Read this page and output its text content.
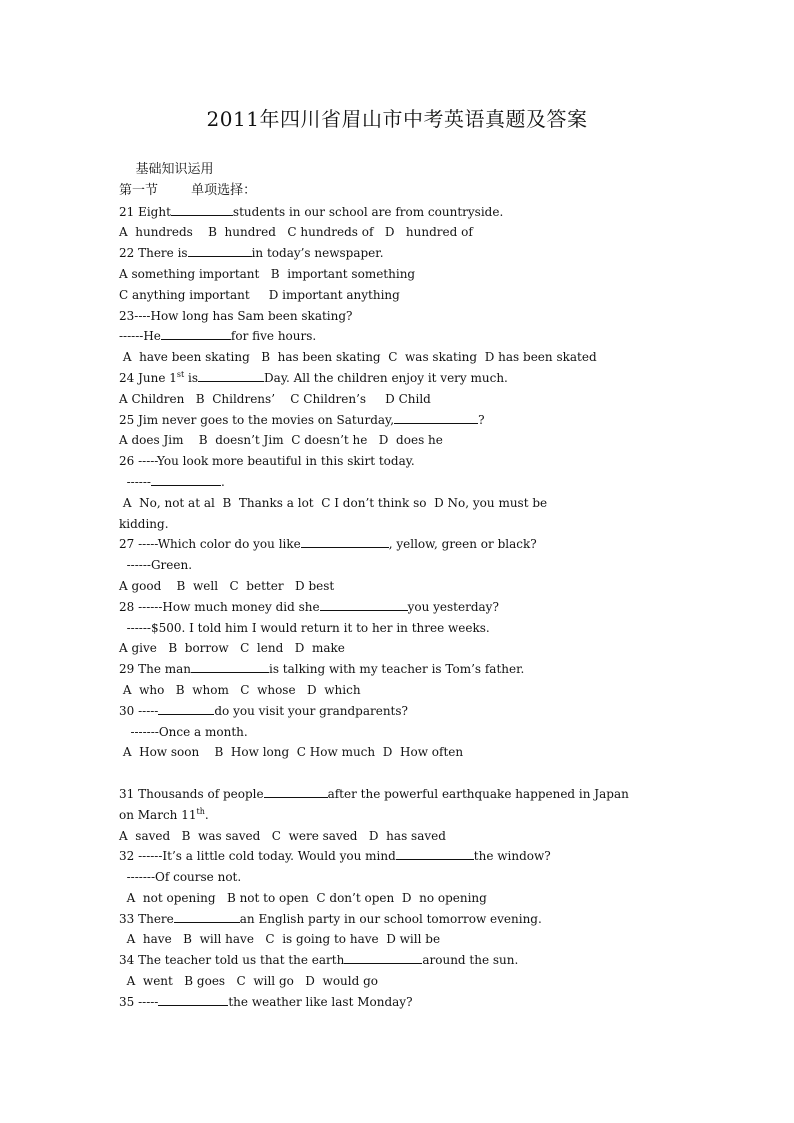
2011年四川省眉山市中考英语真题及答案
基础知识运用
第一节	单项选择：
21 Eight	students in our school are from countryside.
A  hundreds    B  hundred   C hundreds of   D   hundred of
22 There is	in today’s newspaper.
A something important   B  important something
C anything important     D important anything
23----How long has Sam been skating?
------He	for five hours.
A  have been skating   B  has been skating  C  was skating  D has been skated
24 June 1st is	Day. All the children enjoy it very much.
A Children   B  Childrens’    C Children’s     D Child
25 Jim never goes to the movies on Saturday,	?
A does Jim    B  doesn’t Jim  C doesn’t he   D  does he
26 -----You look more beautiful in this skirt today.
------	.
A  No, not at al  B  Thanks a lot  C I don’t think so  D No, you must be
kidding.
27 -----Which color do you like	, yellow, green or black?
------Green.
A good    B  well   C  better   D best
28 ------How much money did she	you yesterday?
------$500. I told him I would return it to her in three weeks.
A give   B  borrow   C  lend   D  make
29 The man	is talking with my teacher is Tom’s father.
A  who   B  whom   C  whose   D  which
30 -----	do you visit your grandparents?
-------Once a month.
A  How soon    B  How long  C How much  D  How often
31 Thousands of people	after the powerful earthquake happened in Japan
on March 11th.
A  saved   B  was saved   C  were saved   D  has saved
32 ------It’s a little cold today. Would you mind	the window?
-------Of course not.
A  not opening   B not to open  C don’t open  D  no opening
33 There	an English party in our school tomorrow evening.
A  have   B  will have   C  is going to have  D will be
34 The teacher told us that the earth	around the sun.
A  went   B goes   C  will go   D  would go
35 -----	the weather like last Monday?
